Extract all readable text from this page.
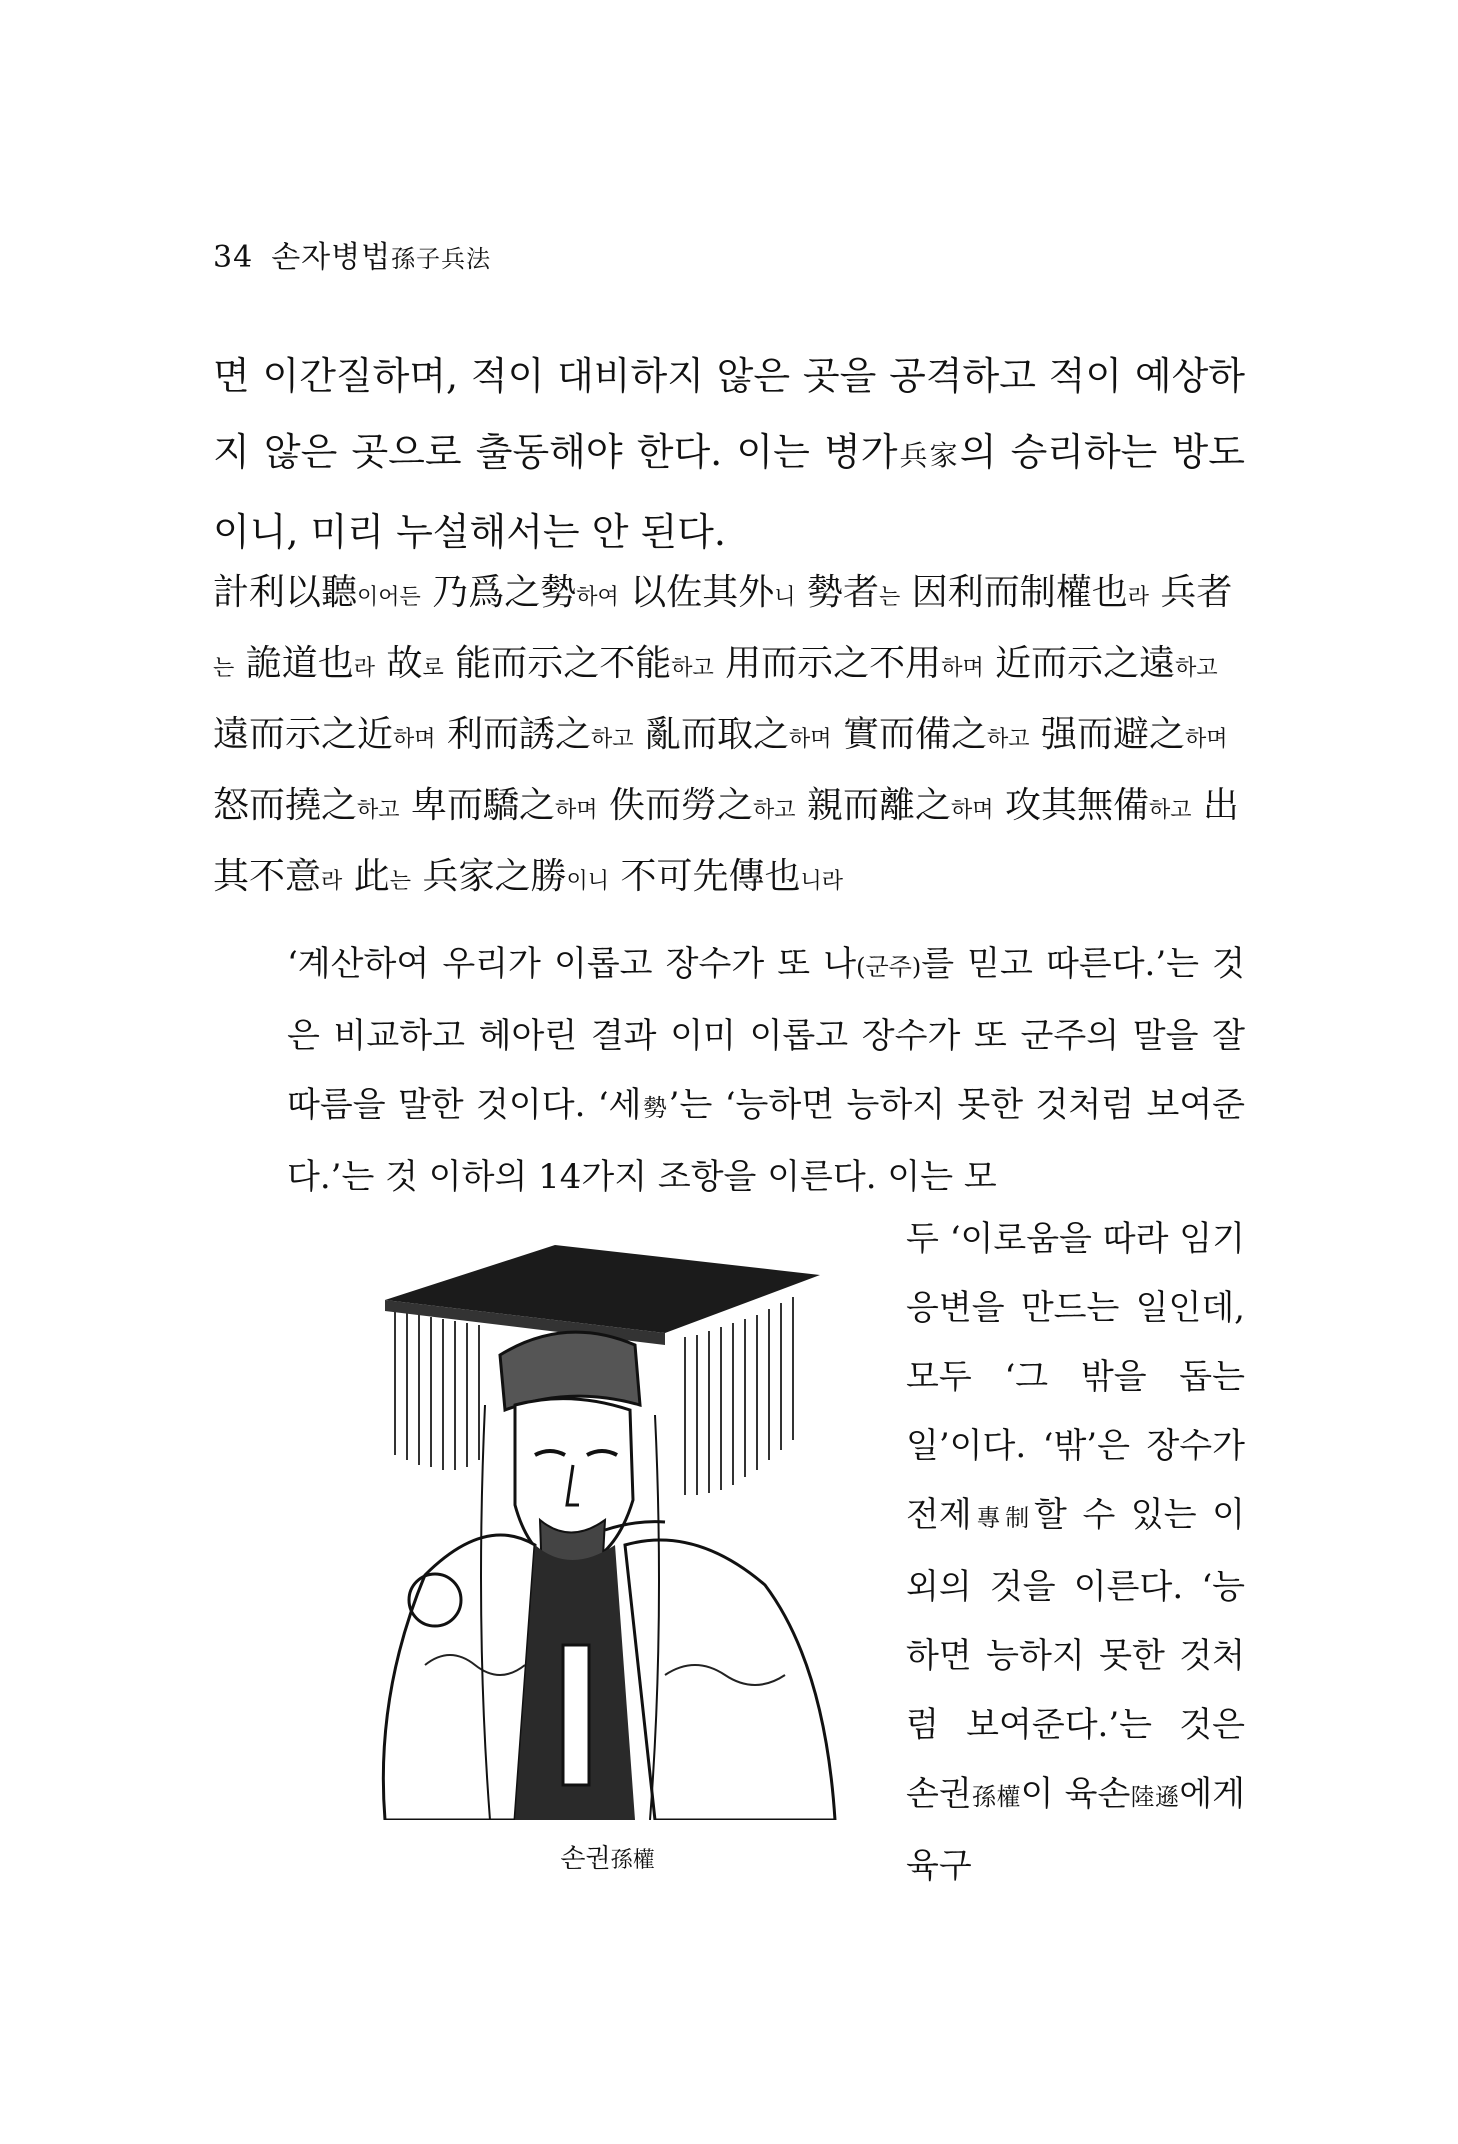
34 손자병법孫子兵法

면 이간질하며, 적이 대비하지 않은 곳을 공격하고 적이 예상하지 않은 곳으로 출동해야 한다. 이는 병가兵家의 승리하는 방도이니, 미리 누설해서는 안 된다.

計利以聽이어든 乃爲之勢하여 以佐其外니 勢者는 因利而制權也라 兵者는 詭道也라 故로 能而示之不能하고 用而示之不用하며 近而示之遠하고 遠而示之近하며 利而誘之하고 亂而取之하며 實而備之하고 强而避之하며 怒而撓之하고 卑而驕之하며 佚而勞之하고 親而離之하며 攻其無備하고 出其不意라 此는 兵家之勝이니 不可先傳也니라

‘계산하여 우리가 이롭고 장수가 또 나(군주)를 믿고 따른다.’는 것은 비교하고 헤아린 결과 이미 이롭고 장수가 또 군주의 말을 잘 따름을 말한 것이다. ‘세勢’는 ‘능하면 능하지 못한 것처럼 보여준다.’는 것 이하의 14가지 조항을 이른다. 이는 모

손권孫權

두 ‘이로움을 따라 임기응변을 만드는 일인데, 모두 ‘그 밖을 돕는 일’이다. ‘밖’은 장수가 전제專制할 수 있는 이외의 것을 이른다. ‘능하면 능하지 못한 것처럼 보여준다.’는 것은 손권孫權이 육손陸遜에게 육구
